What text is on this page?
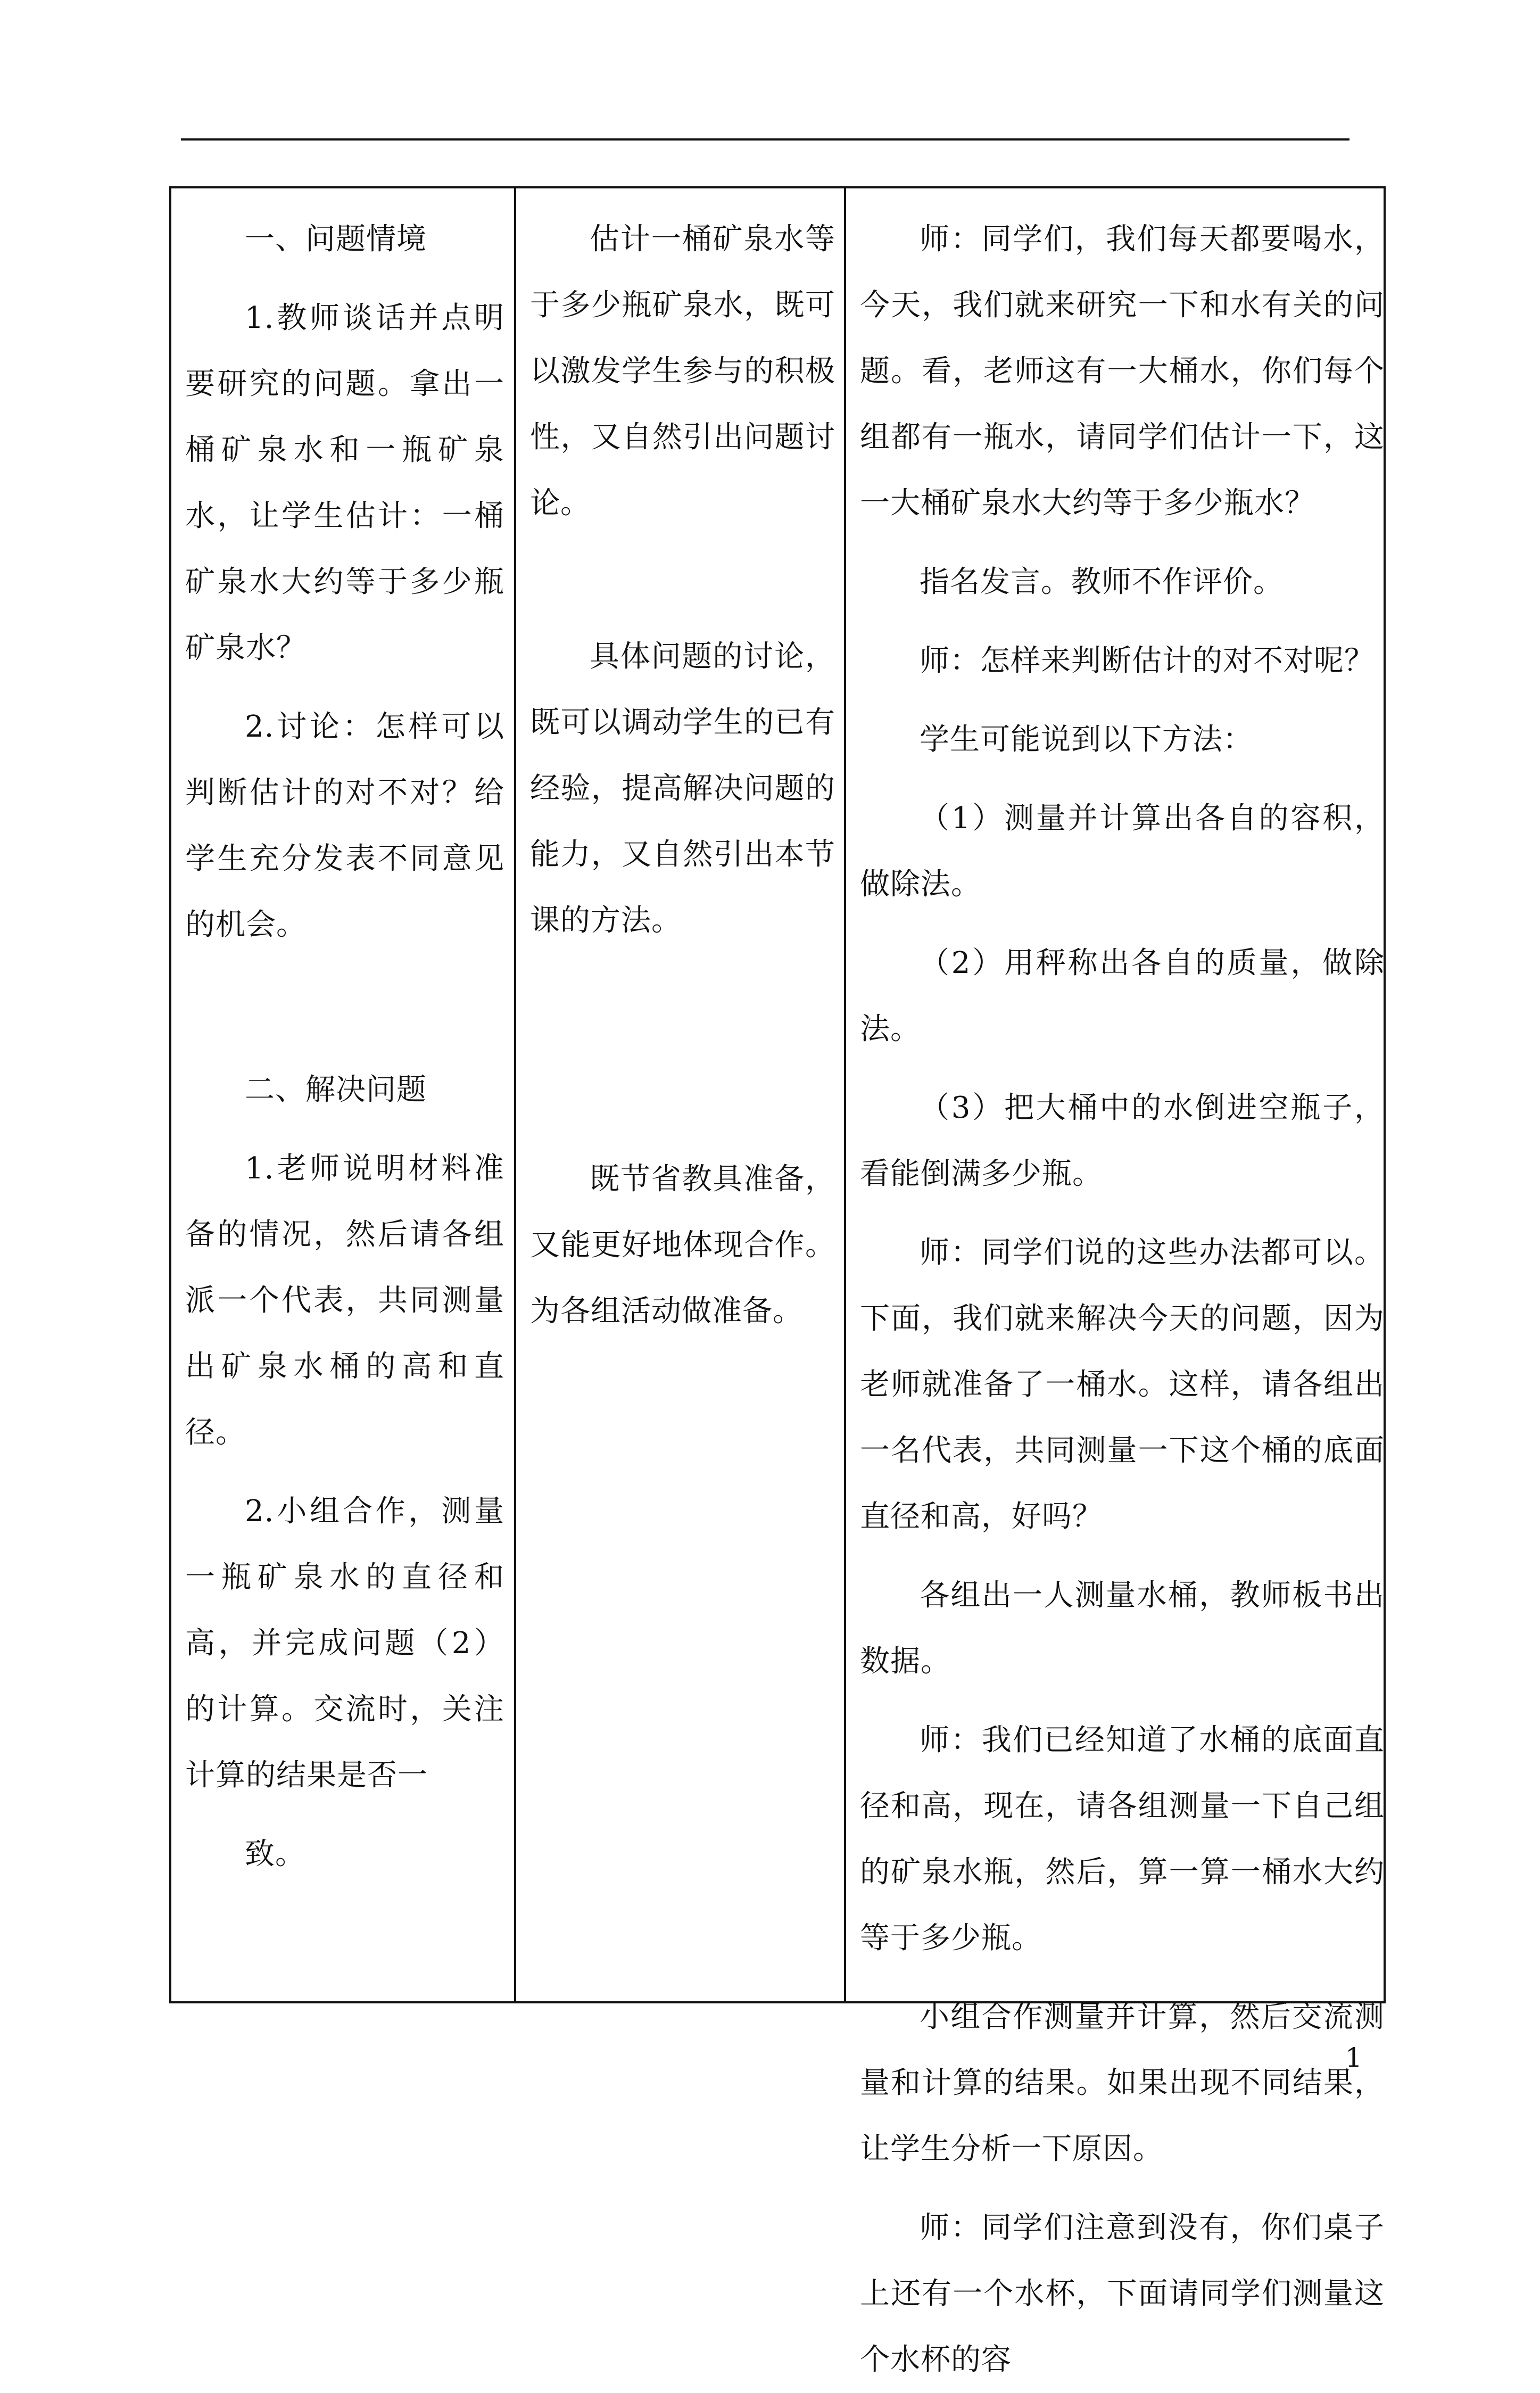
一、问题情境

1.教师谈话并点明要研究的问题。拿出一桶矿泉水和一瓶矿泉水，让学生估计：一桶矿泉水大约等于多少瓶矿泉水？

2.讨论：怎样可以判断估计的对不对？给学生充分发表不同意见的机会。

二、解决问题

1.老师说明材料准备的情况，然后请各组派一个代表，共同测量出矿泉水桶的高和直径。

2.小组合作，测量一瓶矿泉水的直径和高，并完成问题（2）的计算。交流时，关注计算的结果是否一

致。

估计一桶矿泉水等于多少瓶矿泉水，既可以激发学生参与的积极性，又自然引出问题讨论。

具体问题的讨论，既可以调动学生的已有经验，提高解决问题的能力，又自然引出本节课的方法。

既节省教具准备，又能更好地体现合作。为各组活动做准备。

师：同学们，我们每天都要喝水，今天，我们就来研究一下和水有关的问题。看，老师这有一大桶水，你们每个组都有一瓶水，请同学们估计一下，这一大桶矿泉水大约等于多少瓶水？

指名发言。教师不作评价。

师：怎样来判断估计的对不对呢？

学生可能说到以下方法：

（1）测量并计算出各自的容积，做除法。

（2）用秤称出各自的质量，做除法。

（3）把大桶中的水倒进空瓶子，看能倒满多少瓶。

师：同学们说的这些办法都可以。下面，我们就来解决今天的问题，因为老师就准备了一桶水。这样，请各组出一名代表，共同测量一下这个桶的底面直径和高，好吗？

各组出一人测量水桶，教师板书出数据。

师：我们已经知道了水桶的底面直径和高，现在，请各组测量一下自己组的矿泉水瓶，然后，算一算一桶水大约等于多少瓶。

小组合作测量并计算，然后交流测量和计算的结果。如果出现不同结果，让学生分析一下原因。

师：同学们注意到没有，你们桌子上还有一个水杯，下面请同学们测量这个水杯的容

1
